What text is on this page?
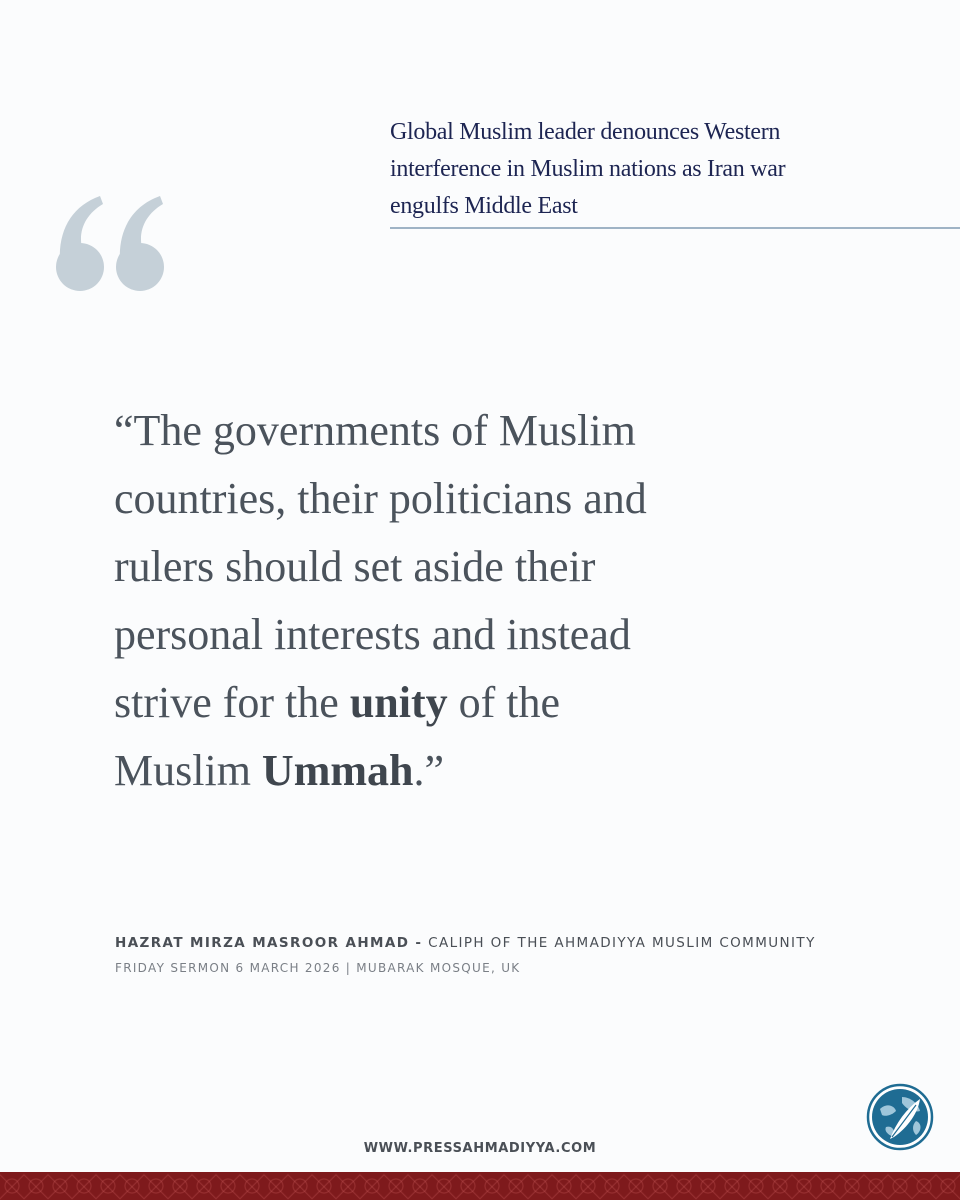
Global Muslim leader denounces Western
interference in Muslim nations as Iran war
engulfs Middle East
“The governments of Muslim
countries, their politicians and
rulers should set aside their
personal interests and instead
strive for the unity of the
Muslim Ummah.”
HAZRAT MIRZA MASROOR AHMAD - CALIPH OF THE AHMADIYYA MUSLIM COMMUNITY
FRIDAY SERMON 6 MARCH 2026 | MUBARAK MOSQUE, UK
WWW.PRESSAHMADIYYA.COM
